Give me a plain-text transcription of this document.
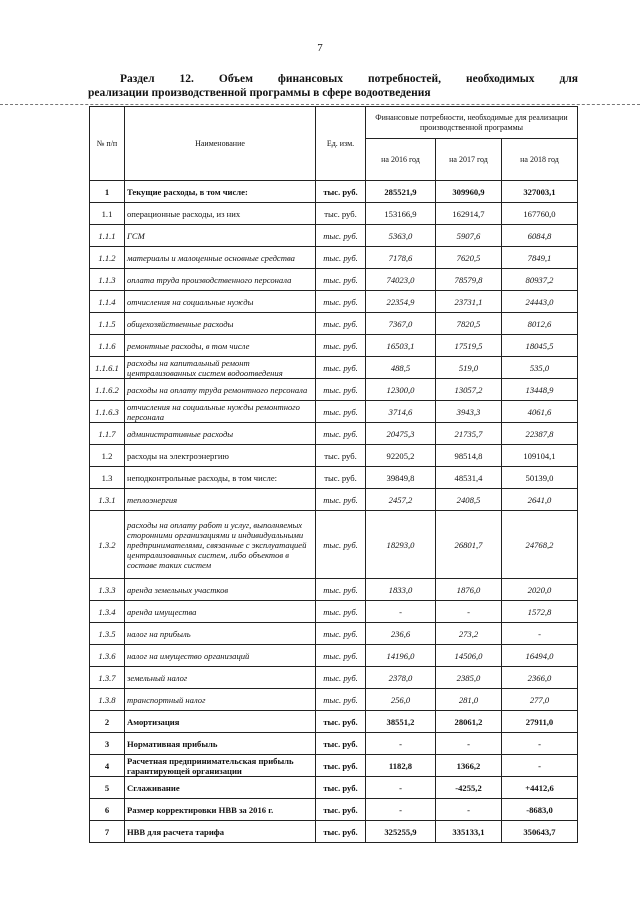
7
Раздел 12. Объем финансовых потребностей, необходимых для
реализации производственной программы в сфере водоотведения
№ п/п	Наименование	Ед. изм.	Финансовые потребности, необходимые для реализации производственной программы		
			на 2016 год	на 2017 год	на 2018 год
1	Текущие расходы, в том числе:	тыс. руб.	285521,9	309960,9	327003,1
1.1	операционные расходы, из них	тыс. руб.	153166,9	162914,7	167760,0
1.1.1	ГСМ	тыс. руб.	5363,0	5907,6	6084,8
1.1.2	материалы и малоценные основные средства	тыс. руб.	7178,6	7620,5	7849,1
1.1.3	оплата труда производственного персонала	тыс. руб.	74023,0	78579,8	80937,2
1.1.4	отчисления на социальные нужды	тыс. руб.	22354,9	23731,1	24443,0
1.1.5	общехозяйственные расходы	тыс. руб.	7367,0	7820,5	8012,6
1.1.6	ремонтные расходы, в том числе	тыс. руб.	16503,1	17519,5	18045,5
1.1.6.1	расходы на капитальный ремонт централизованных систем водоотведения	тыс. руб.	488,5	519,0	535,0
1.1.6.2	расходы на оплату труда ремонтного персонала	тыс. руб.	12300,0	13057,2	13448,9
1.1.6.3	отчисления на социальные нужды ремонтного персонала	тыс. руб.	3714,6	3943,3	4061,6
1.1.7	административные расходы	тыс. руб.	20475,3	21735,7	22387,8
1.2	расходы на электроэнергию	тыс. руб.	92205,2	98514,8	109104,1
1.3	неподконтрольные расходы, в том числе:	тыс. руб.	39849,8	48531,4	50139,0
1.3.1	теплоэнергия	тыс. руб.	2457,2	2408,5	2641,0
1.3.2	расходы на оплату работ и услуг, выполняемых сторонними организациями и индивидуальными предпринимателями, связанные с эксплуатацией централизованных систем, либо объектов в составе таких систем	тыс. руб.	18293,0	26801,7	24768,2
1.3.3	аренда земельных участков	тыс. руб.	1833,0	1876,0	2020,0
1.3.4	аренда имущества	тыс. руб.	-	-	1572,8
1.3.5	налог на прибыль	тыс. руб.	236,6	273,2	-
1.3.6	налог на имущество организаций	тыс. руб.	14196,0	14506,0	16494,0
1.3.7	земельный налог	тыс. руб.	2378,0	2385,0	2366,0
1.3.8	транспортный налог	тыс. руб.	256,0	281,0	277,0
2	Амортизация	тыс. руб.	38551,2	28061,2	27911,0
3	Нормативная прибыль	тыс. руб.	-	-	-
4	Расчетная предпринимательская прибыль гарантирующей организации	тыс. руб.	1182,8	1366,2	-
5	Сглаживание	тыс. руб.	-	-4255,2	+4412,6
6	Размер корректировки НВВ за 2016 г.	тыс. руб.	-	-	-8683,0
7	НВВ для расчета тарифа	тыс. руб.	325255,9	335133,1	350643,7
